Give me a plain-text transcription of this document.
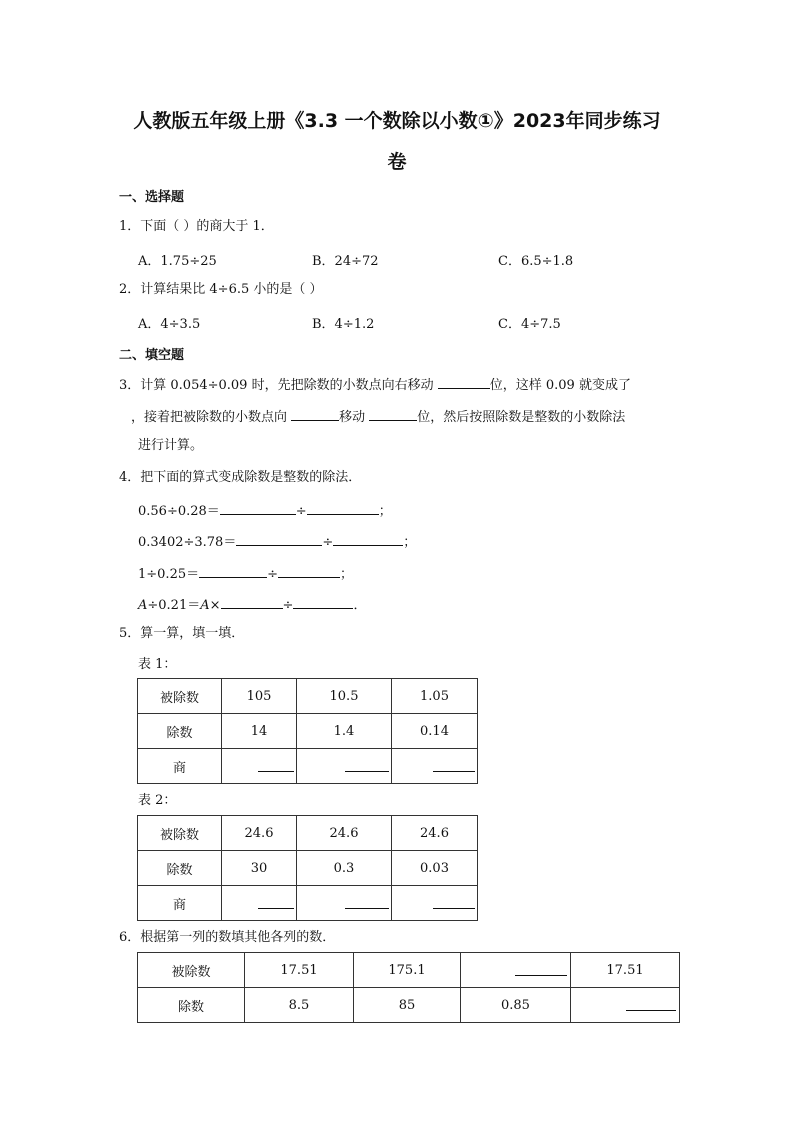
人教版五年级上册《3.3 一个数除以小数①》2023年同步练习
卷
一、选择题
1．下面（ ）的商大于 1．
A．1.75÷25	B．24÷72	C．6.5÷1.8
2．计算结果比 4÷6.5 小的是（ ）
A．4÷3.5	B．4÷1.2	C．4÷7.5
二、填空题
3．计算 0.054÷0.09 时，先把除数的小数点向右移动	位，这样 0.09 就变成了
，接着把被除数的小数点向	移动	位，然后按照除数是整数的小数除法
进行计算。
4．把下面的算式变成除数是整数的除法．
0.56÷0.28＝	÷	；
0.3402÷3.78＝	÷	；
1÷0.25＝	÷	；
A÷0.21＝A×	÷	．
5．算一算，填一填．
表 1：
被除数	105	10.5	1.05
除数	14	1.4	0.14
商			
表 2：
被除数	24.6	24.6	24.6
除数	30	0.3	0.03
商			
6．根据第一列的数填其他各列的数．
被除数	17.51	175.1		17.51
除数	8.5	85	0.85	
